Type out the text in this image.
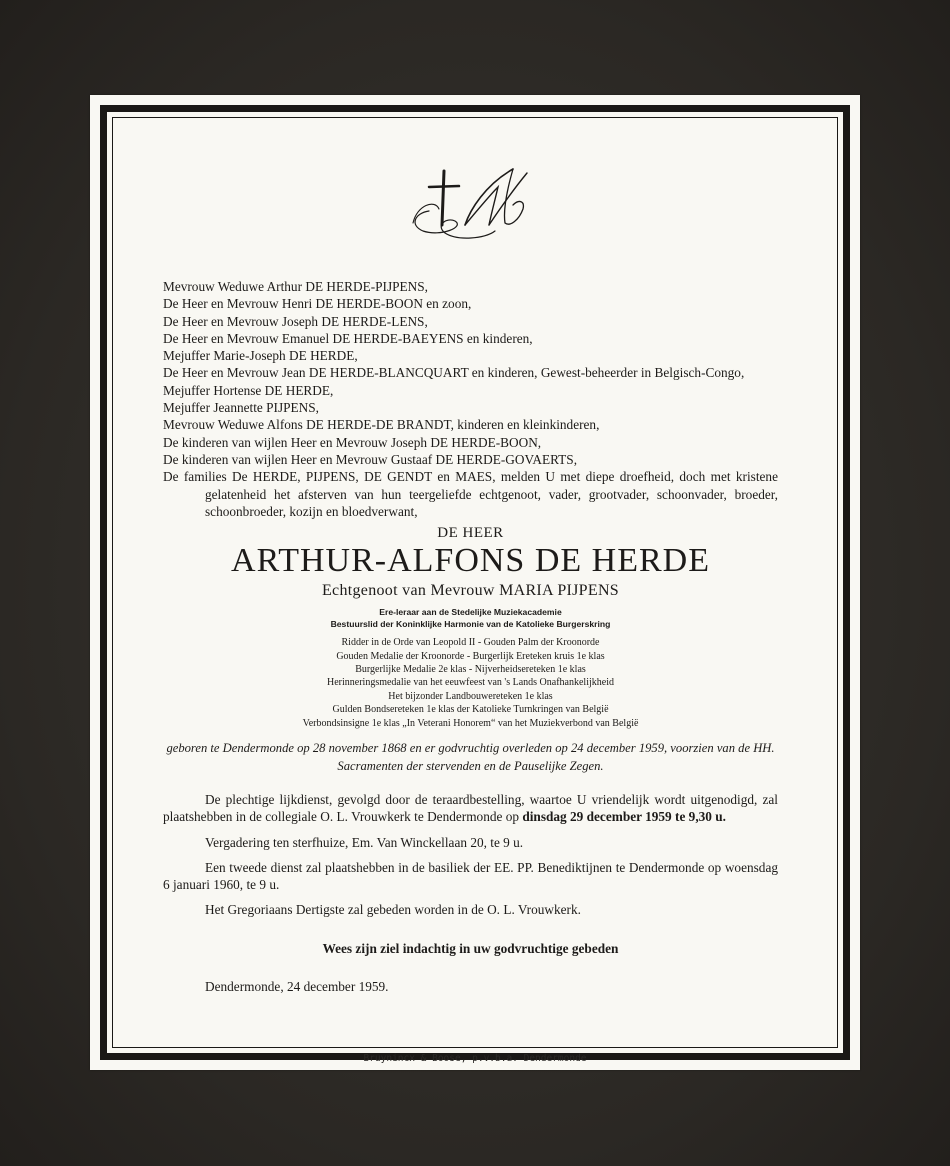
Mevrouw Weduwe Arthur DE HERDE-PIJPENS,

De Heer en Mevrouw Henri DE HERDE-BOON en zoon,

De Heer en Mevrouw Joseph DE HERDE-LENS,

De Heer en Mevrouw Emanuel DE HERDE-BAEYENS en kinderen,

Mejuffer Marie-Joseph DE HERDE,

De Heer en Mevrouw Jean DE HERDE-BLANCQUART en kinderen, Gewest-beheerder in Belgisch-Congo,

Mejuffer Hortense DE HERDE,

Mejuffer Jeannette PIJPENS,

Mevrouw Weduwe Alfons DE HERDE-DE BRANDT, kinderen en kleinkinderen,

De kinderen van wijlen Heer en Mevrouw Joseph DE HERDE-BOON,

De kinderen van wijlen Heer en Mevrouw Gustaaf DE HERDE-GOVAERTS,

De families De HERDE, PIJPENS, DE GENDT en MAES, melden U met diepe droefheid, doch met kristene gelatenheid het afsterven van hun teergeliefde echtgenoot, vader, grootvader, schoonvader, broeder, schoonbroeder, kozijn en bloedverwant,

DE HEER
ARTHUR-ALFONS DE HERDE
Echtgenoot van Mevrouw MARIA PIJPENS

Ere-leraar aan de Stedelijke Muziekacademie

Bestuurslid der Koninklijke Harmonie van de Katolieke Burgerskring

Ridder in de Orde van Leopold II - Gouden Palm der Kroonorde

Gouden Medalie der Kroonorde - Burgerlijk Ereteken kruis 1e klas

Burgerlijke Medalie 2e klas - Nijverheidsereteken 1e klas

Herinneringsmedalie van het eeuwfeest van 's Lands Onafhankelijkheid

Het bijzonder Landbouwereteken 1e klas

Gulden Bondsereteken 1e klas der Katolieke Turnkringen van België

Verbondsinsigne 1e klas „In Veterani Honorem“ van het Muziekverbond van België

geboren te Dendermonde op 28 november 1868 en er godvruchtig overleden op 24 december 1959, voorzien van de HH. Sacramenten der stervenden en de Pauselijke Zegen.

De plechtige lijkdienst, gevolgd door de teraardbestelling, waartoe U vriendelijk wordt uitgenodigd, zal plaatshebben in de collegiale O. L. Vrouwkerk te Dendermonde op dinsdag 29 december 1959 te 9,30 u.

Vergadering ten sterfhuize, Em. Van Winckellaan 20, te 9 u.

Een tweede dienst zal plaatshebben in de basiliek der EE. PP. Benediktijnen te Dendermonde op woensdag 6 januari 1960, te 9 u.

Het Gregoriaans Dertigste zal gebeden worden in de O. L. Vrouwkerk.

Wees zijn ziel indachtig in uw godvruchtige gebeden
Dendermonde, 24 december 1959.
Bruynincx & Boose, p.v.b.a. Dendermonde
